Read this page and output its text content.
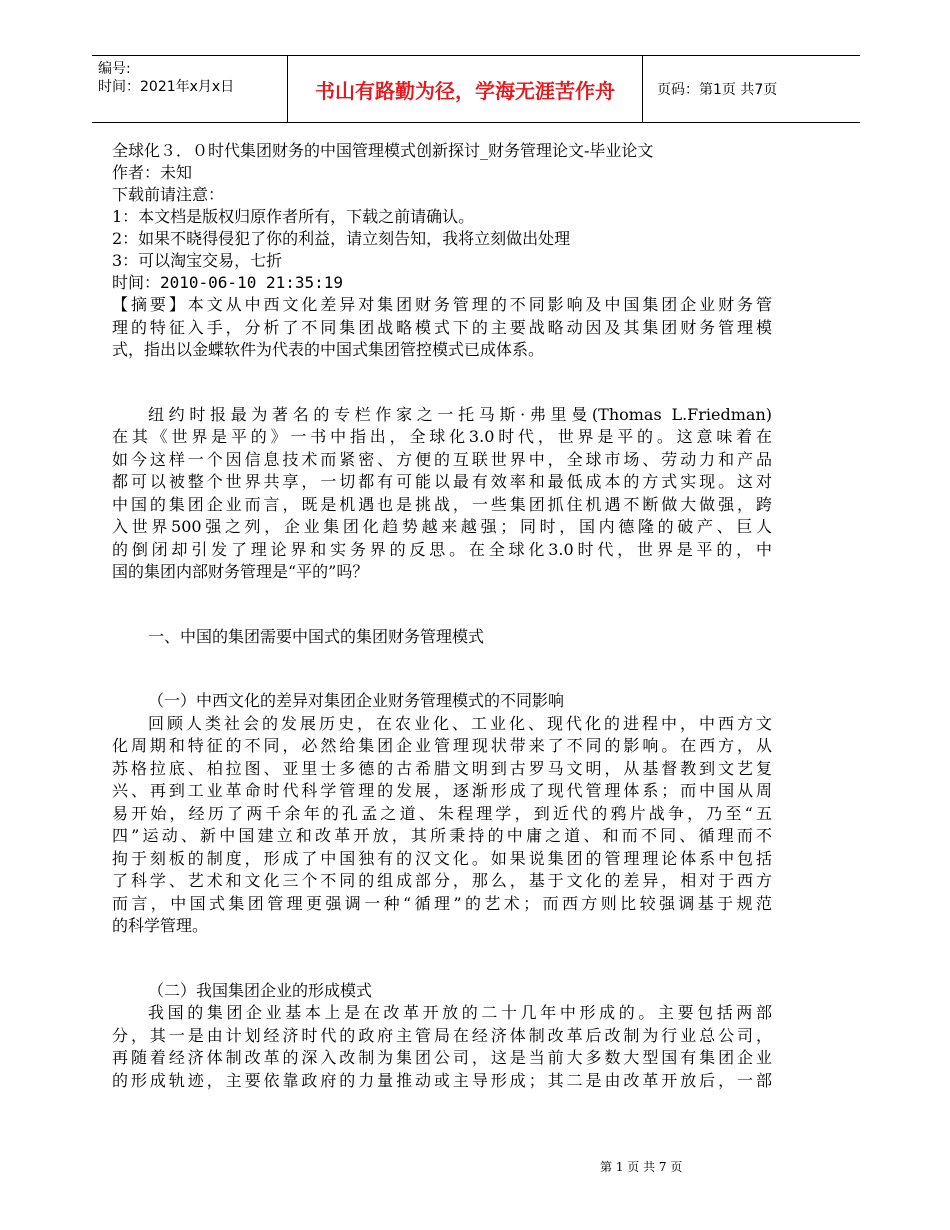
编号:
时间：2021年x月x日	书山有路勤为径，学海无涯苦作舟	页码：第1页 共7页
全球化３．０时代集团财务的中国管理模式创新探讨_财务管理论文-毕业论文
作者：未知
下载前请注意：
1：本文档是版权归原作者所有，下载之前请确认。
2：如果不晓得侵犯了你的利益，请立刻告知，我将立刻做出处理
3：可以淘宝交易，七折
时间：2010-06-10 21:35:19
【摘要】本文从中西文化差异对集团财务管理的不同影响及中国集团企业财务管
理的特征入手，分析了不同集团战略模式下的主要战略动因及其集团财务管理模
式，指出以金蝶软件为代表的中国式集团管控模式已成体系。
纽约时报最为著名的专栏作家之一托马斯·弗里曼(Thomas L.Friedman)
在其《世界是平的》一书中指出，全球化3.0时代，世界是平的。这意味着在
如今这样一个因信息技术而紧密、方便的互联世界中，全球市场、劳动力和产品
都可以被整个世界共享，一切都有可能以最有效率和最低成本的方式实现。这对
中国的集团企业而言，既是机遇也是挑战，一些集团抓住机遇不断做大做强，跨
入世界500强之列，企业集团化趋势越来越强；同时，国内德隆的破产、巨人
的倒闭却引发了理论界和实务界的反思。在全球化3.0时代，世界是平的，中
国的集团内部财务管理是“平的”吗？
一、中国的集团需要中国式的集团财务管理模式
（一）中西文化的差异对集团企业财务管理模式的不同影响
回顾人类社会的发展历史，在农业化、工业化、现代化的进程中，中西方文
化周期和特征的不同，必然给集团企业管理现状带来了不同的影响。在西方，从
苏格拉底、柏拉图、亚里士多德的古希腊文明到古罗马文明，从基督教到文艺复
兴、再到工业革命时代科学管理的发展，逐渐形成了现代管理体系；而中国从周
易开始，经历了两千余年的孔孟之道、朱程理学，到近代的鸦片战争，乃至“五
四”运动、新中国建立和改革开放，其所秉持的中庸之道、和而不同、循理而不
拘于刻板的制度，形成了中国独有的汉文化。如果说集团的管理理论体系中包括
了科学、艺术和文化三个不同的组成部分，那么，基于文化的差异，相对于西方
而言，中国式集团管理更强调一种“循理”的艺术；而西方则比较强调基于规范
的科学管理。
（二）我国集团企业的形成模式
我国的集团企业基本上是在改革开放的二十几年中形成的。主要包括两部
分，其一是由计划经济时代的政府主管局在经济体制改革后改制为行业总公司，
再随着经济体制改革的深入改制为集团公司，这是当前大多数大型国有集团企业
的形成轨迹，主要依靠政府的力量推动或主导形成；其二是由改革开放后，一部
第 1 页 共 7 页
